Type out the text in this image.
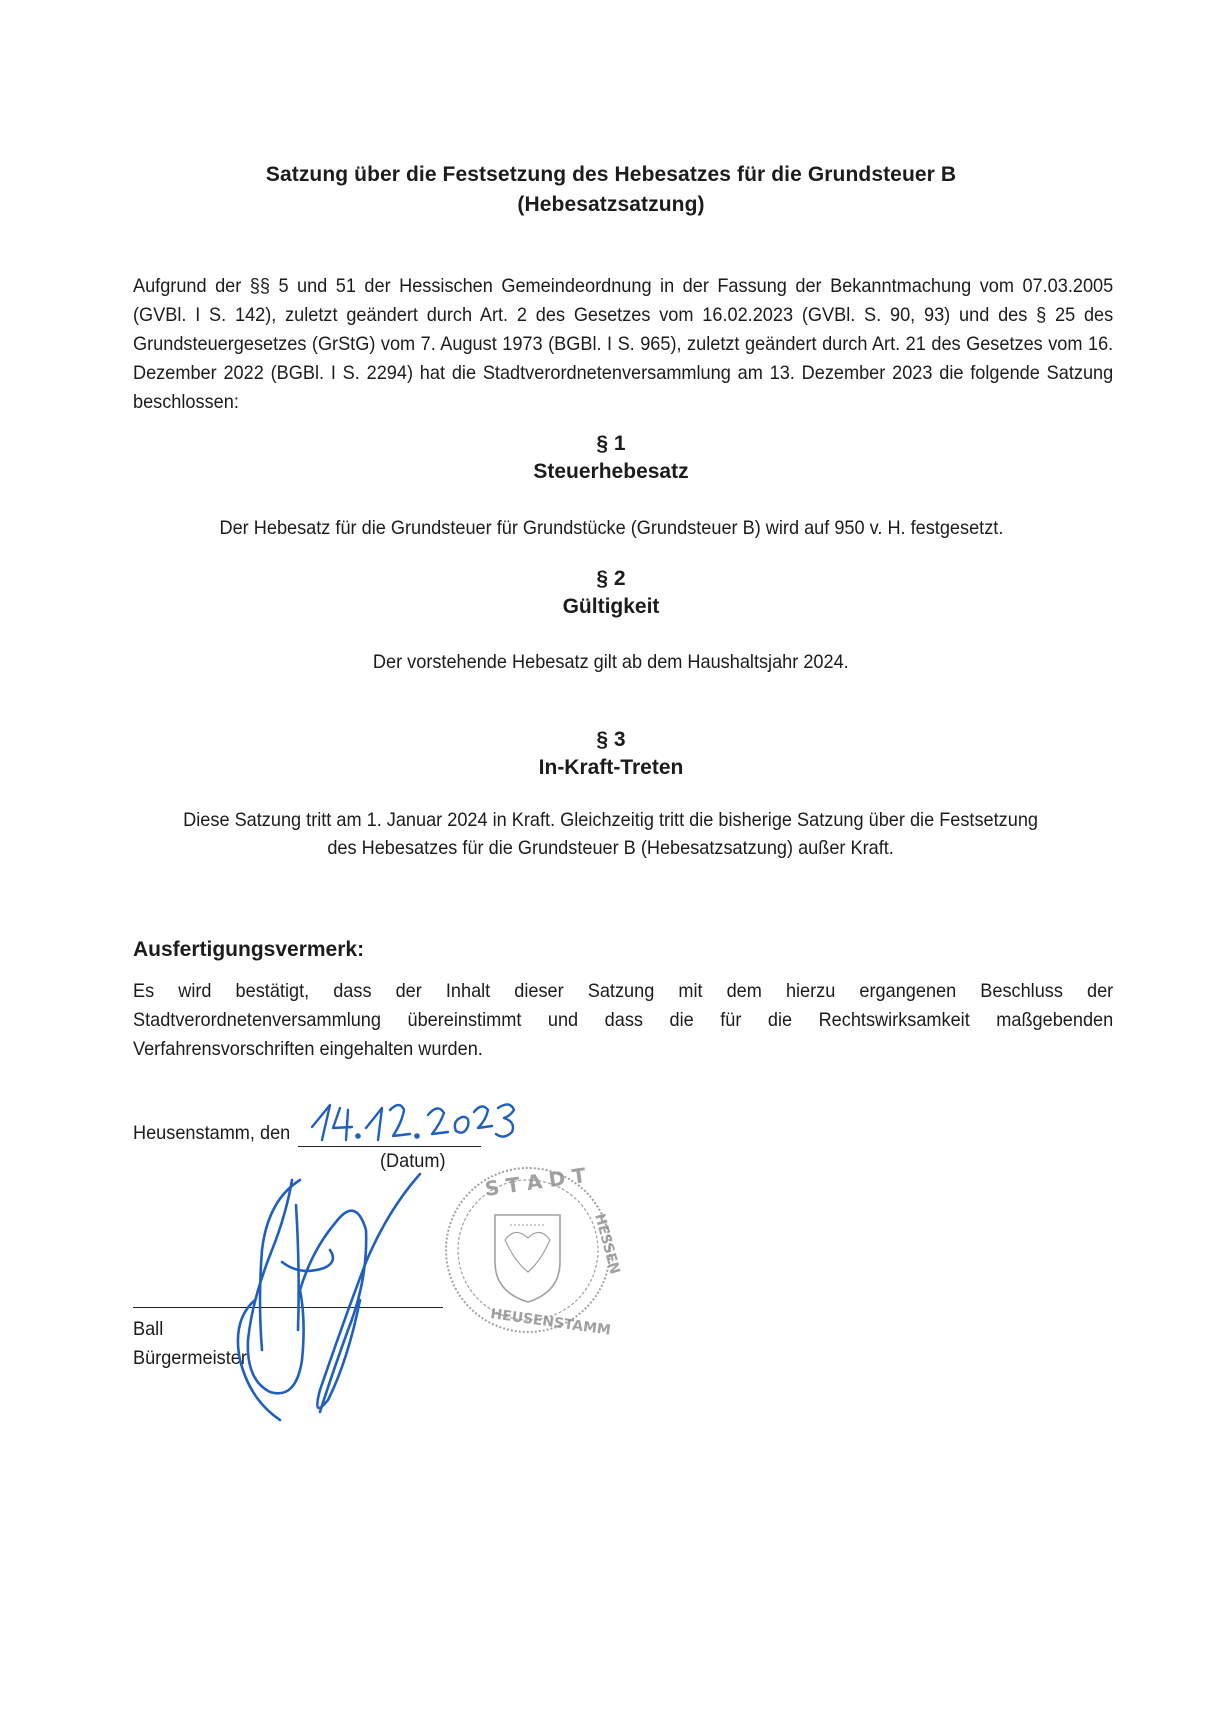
Satzung über die Festsetzung des Hebesatzes für die Grundsteuer B
(Hebesatzsatzung)
Aufgrund der §§ 5 und 51 der Hessischen Gemeindeordnung in der Fassung der Bekanntmachung vom 07.03.2005 (GVBl. I S. 142), zuletzt geändert durch Art. 2 des Gesetzes vom 16.02.2023 (GVBl. S. 90, 93) und des § 25 des Grundsteuergesetzes (GrStG) vom 7. August 1973 (BGBl. I S. 965), zuletzt geändert durch Art. 21 des Gesetzes vom 16. Dezember 2022 (BGBl. I S. 2294) hat die Stadtverordnetenversammlung am 13. Dezember 2023 die folgende Satzung beschlossen:
§ 1
Steuerhebesatz
Der Hebesatz für die Grundsteuer für Grundstücke (Grundsteuer B) wird auf 950 v. H. festgesetzt.
§ 2
Gültigkeit
Der vorstehende Hebesatz gilt ab dem Haushaltsjahr 2024.
§ 3
In-Kraft-Treten
Diese Satzung tritt am 1. Januar 2024 in Kraft. Gleichzeitig tritt die bisherige Satzung über die Festsetzung
des Hebesatzes für die Grundsteuer B (Hebesatzsatzung) außer Kraft.
Ausfertigungsvermerk:
Es wird bestätigt, dass der Inhalt dieser Satzung mit dem hierzu ergangenen Beschluss der Stadtverordnetenversammlung übereinstimmt und dass die für die Rechtswirksamkeit maßgebenden Verfahrensvorschriften eingehalten wurden.
Heusenstamm, den
(Datum)
Ball
Bürgermeister
S T A D T
HESSEN
HEUSENSTAMM
